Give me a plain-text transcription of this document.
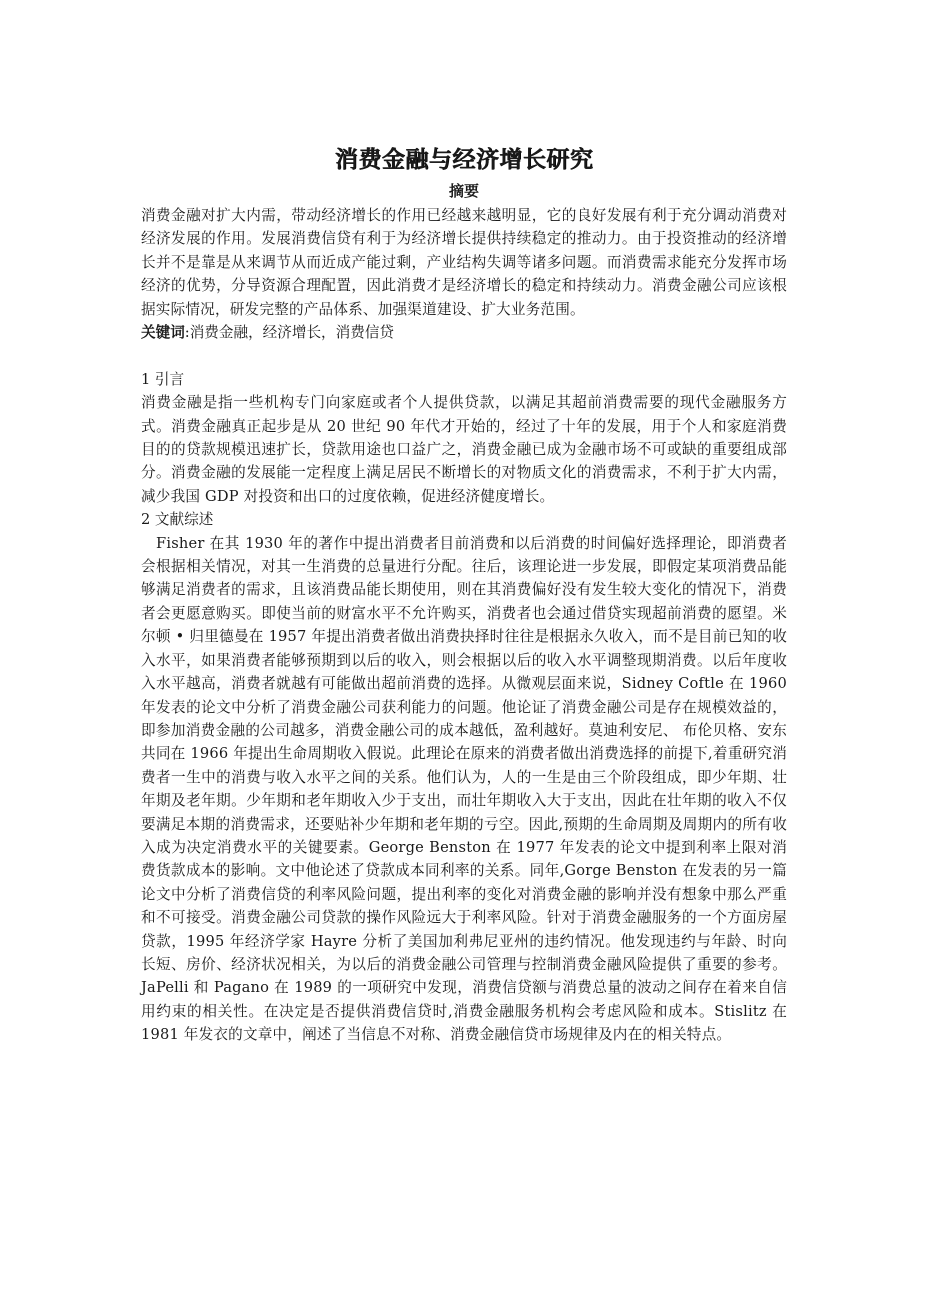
消费金融与经济增长研究
摘要

消费金融对扩大内需，带动经济增长的作用已经越来越明显，它的良好发展有利于充分调动消费对经济发展的作用。发展消费信贷有利于为经济增长提供持续稳定的推动力。由于投资推动的经济增长并不是靠是从来调节从而近成产能过剩，产业结构失调等诸多问题。而消费需求能充分发挥市场经济的优势，分导资源合理配置，因此消费才是经济增长的稳定和持续动力。消费金融公司应该根据实际情况，研发完整的产品体系、加强渠道建设、扩大业务范围。

关键词:消费金融，经济增长，消费信贷

1 引言

消费金融是指一些机构专门向家庭或者个人提供贷款，以满足其超前消费需要的现代金融服务方式。消费金融真正起步是从 20 世纪 90 年代才开始的，经过了十年的发展，用于个人和家庭消费目的的贷款规模迅速扩长，贷款用途也口益广之，消费金融已成为金融市场不可或缺的重要组成部分。消费金融的发展能一定程度上满足居民不断增长的对物质文化的消费需求，不利于扩大内需，减少我国 GDP 对投资和出口的过度依赖，促进经济健度增长。

2 文献综述

Fisher 在其 1930 年的著作中提出消费者目前消费和以后消费的时间偏好选择理论，即消费者会根据相关情况，对其一生消费的总量进行分配。往后，该理论进一步发展，即假定某项消费品能够满足消费者的需求，且该消费品能长期使用，则在其消费偏好没有发生较大变化的情况下，消费者会更愿意购买。即使当前的财富水平不允许购买，消费者也会通过借贷实现超前消费的愿望。米尔顿 • 归里德曼在 1957 年提出消费者做出消费抉择时往往是根据永久收入，而不是目前已知的收入水平，如果消费者能够预期到以后的收入，则会根据以后的收入水平调整现期消费。以后年度收入水平越高，消费者就越有可能做出超前消费的选择。从微观层面来说，Sidney Coftle 在 1960 年发表的论文中分析了消费金融公司获利能力的问题。他论证了消费金融公司是存在规模效益的，即参加消费金融的公司越多，消费金融公司的成本越低，盈利越好。莫迪利安尼、 布伦贝格、安东共同在 1966 年提出生命周期收入假说。此理论在原来的消费者做出消费选择的前提下,着重研究消费者一生中的消费与收入水平之间的关系。他们认为，人的一生是由三个阶段组成，即少年期、壮年期及老年期。少年期和老年期收入少于支出，而壮年期收入大于支出，因此在壮年期的收入不仅要满足本期的消费需求，还要贴补少年期和老年期的亏空。因此,预期的生命周期及周期内的所有收入成为决定消费水平的关键要素。George Benston 在 1977 年发表的论文中提到利率上限对消费货款成本的影响。文中他论述了贷款成本同利率的关系。同年,Gorge Benston 在发表的另一篇论文中分析了消费信贷的利率风险问题，提出利率的变化对消费金融的影响并没有想象中那么严重和不可接受。消费金融公司贷款的操作风险远大于利率风险。针对于消费金融服务的一个方面房屋贷款，1995 年经济学家 Hayre 分析了美国加利弗尼亚州的违约情况。他发现违约与年龄、时向长短、房价、经济状况相关，为以后的消费金融公司管理与控制消费金融风险提供了重要的参考。JaPelli 和 Pagano 在 1989 的一项研究中发现，消费信贷额与消费总量的波动之间存在着来自信用约束的相关性。在决定是否提供消费信贷时,消费金融服务机构会考虑风险和成本。Stislitz 在 1981 年发衣的文章中，阐述了当信息不对称、消费金融信贷市场规律及内在的相关特点。
